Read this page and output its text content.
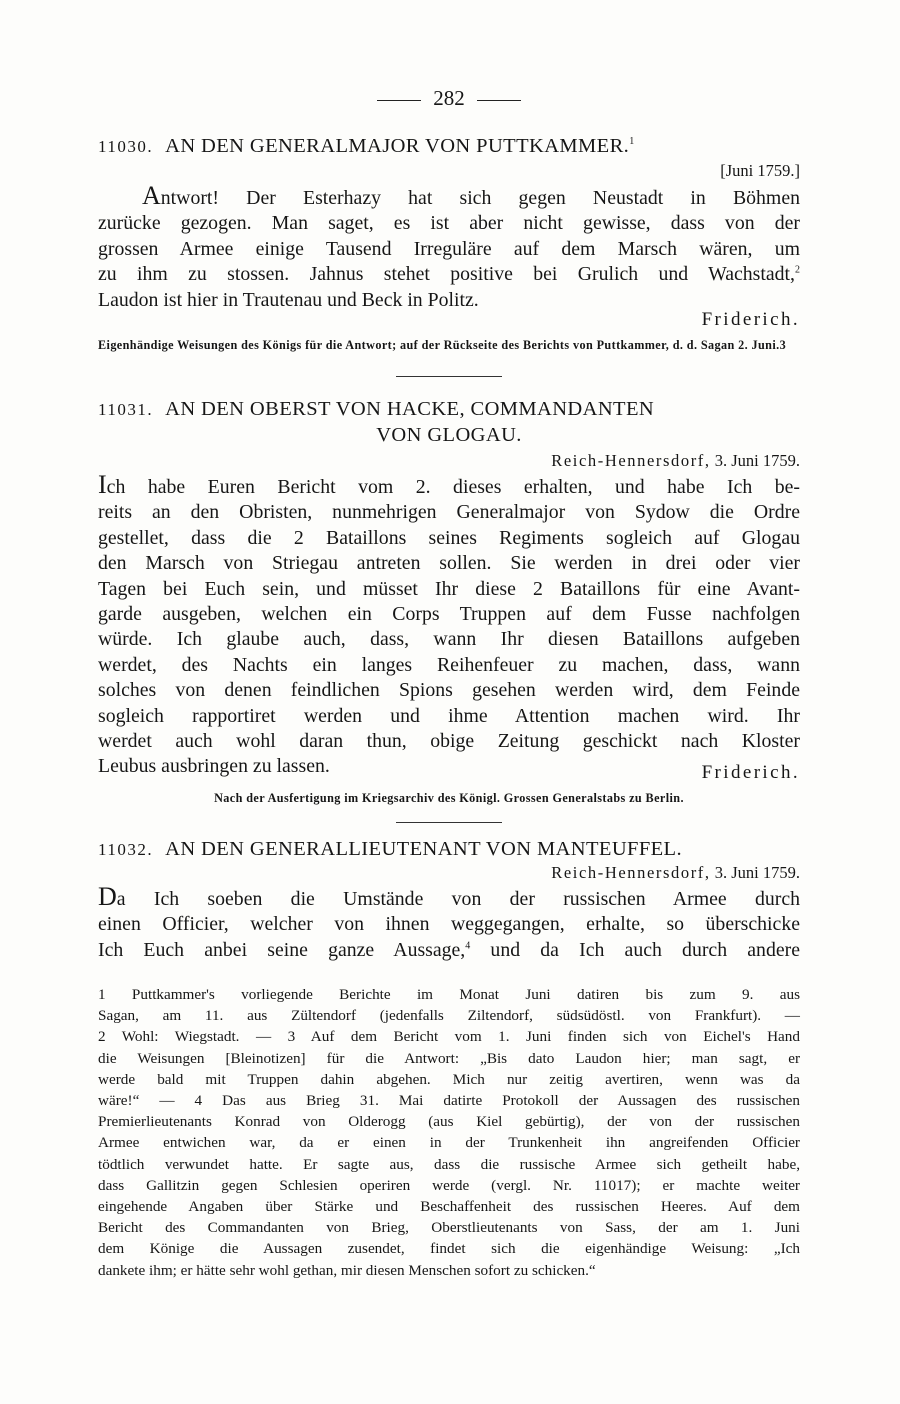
282
11030. AN DEN GENERALMAJOR VON PUTTKAMMER.$^1$
[Juni 1759.]

Antwort! Der Esterhazy hat sich gegen Neustadt in Böhmen

zurücke gezogen. Man saget, es ist aber nicht gewisse, dass von der

grossen Armee einige Tausend Irreguläre auf dem Marsch wären, um

zu ihm zu stossen. Jahnus stehet positive bei Grulich und Wachstadt,$^2$

Laudon ist hier in Trautenau und Beck in Politz.

Friderich.
Eigenhändige Weisungen des Königs für die Antwort; auf der Rückseite des Berichts von Puttkammer, d. d. Sagan 2. Juni.3
11031. AN DEN OBERST VON HACKE, COMMANDANTEN
VON GLOGAU.
Reich-Hennersdorf, 3. Juni 1759.

Ich habe Euren Bericht vom 2. dieses erhalten, und habe Ich be-

reits an den Obristen, nunmehrigen Generalmajor von Sydow die Ordre

gestellet, dass die 2 Bataillons seines Regiments sogleich auf Glogau

den Marsch von Striegau antreten sollen. Sie werden in drei oder vier

Tagen bei Euch sein, und müsset Ihr diese 2 Bataillons für eine Avant-

garde ausgeben, welchen ein Corps Truppen auf dem Fusse nachfolgen

würde. Ich glaube auch, dass, wann Ihr diesen Bataillons aufgeben

werdet, des Nachts ein langes Reihenfeuer zu machen, dass, wann

solches von denen feindlichen Spions gesehen werden wird, dem Feinde

sogleich rapportiret werden und ihme Attention machen wird. Ihr

werdet auch wohl daran thun, obige Zeitung geschickt nach Kloster

Leubus ausbringen zu lassen.	Friderich.
Nach der Ausfertigung im Kriegsarchiv des Königl. Grossen Generalstabs zu Berlin.
11032. AN DEN GENERALLIEUTENANT VON MANTEUFFEL.
Reich-Hennersdorf, 3. Juni 1759.

Da Ich soeben die Umstände von der russischen Armee durch

einen Officier, welcher von ihnen weggegangen, erhalte, so überschicke

Ich Euch anbei seine ganze Aussage,$^4$ und da Ich auch durch andere

1 Puttkammer's vorliegende Berichte im Monat Juni datiren bis zum 9. aus
Sagan, am 11. aus Zültendorf (jedenfalls Ziltendorf, südsüdöstl. von Frankfurt). —
2 Wohl: Wiegstadt. — 3 Auf dem Bericht vom 1. Juni finden sich von Eichel's Hand
die Weisungen [Bleinotizen] für die Antwort: „Bis dato Laudon hier; man sagt, er
werde bald mit Truppen dahin abgehen. Mich nur zeitig avertiren, wenn was da
wäre!“ — 4 Das aus Brieg 31. Mai datirte Protokoll der Aussagen des russischen
Premierlieutenants Konrad von Olderogg (aus Kiel gebürtig), der von der russischen
Armee entwichen war, da er einen in der Trunkenheit ihn angreifenden Officier
tödtlich verwundet hatte. Er sagte aus, dass die russische Armee sich getheilt habe,
dass Gallitzin gegen Schlesien operiren werde (vergl. Nr. 11017); er machte weiter
eingehende Angaben über Stärke und Beschaffenheit des russischen Heeres. Auf dem
Bericht des Commandanten von Brieg, Oberstlieutenants von Sass, der am 1. Juni
dem Könige die Aussagen zusendet, findet sich die eigenhändige Weisung: „Ich
dankete ihm; er hätte sehr wohl gethan, mir diesen Menschen sofort zu schicken.“
